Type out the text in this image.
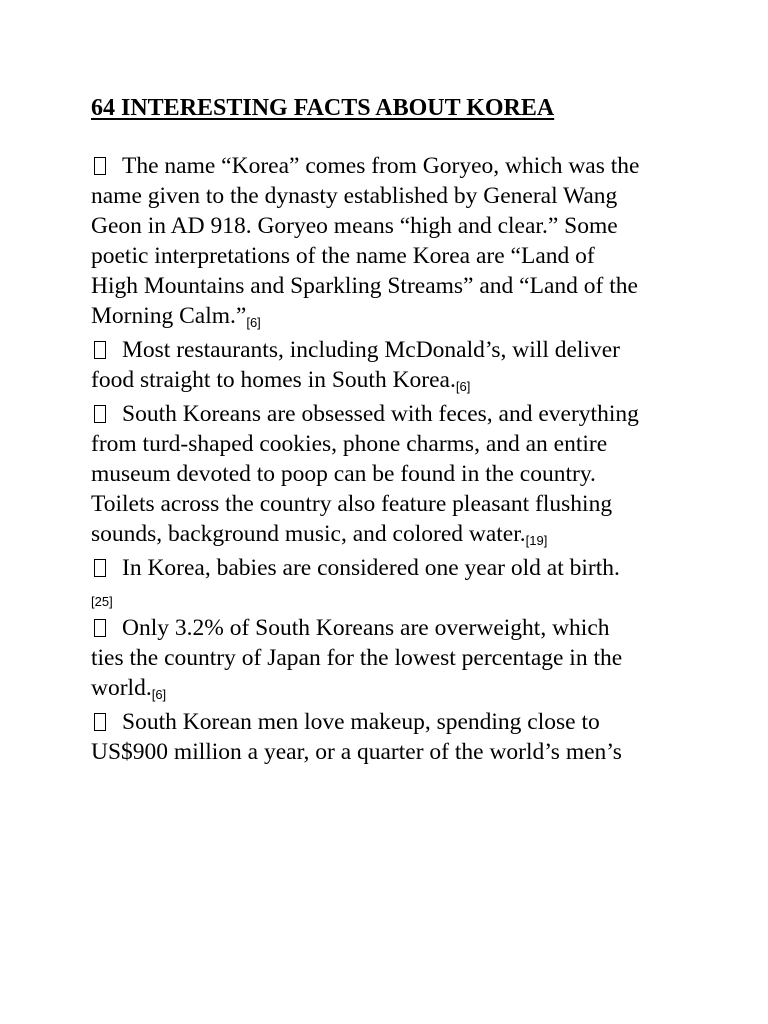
64 INTERESTING FACTS ABOUT KOREA
The name “Korea” comes from Goryeo, which was the
name given to the dynasty established by General Wang
Geon in AD 918. Goryeo means “high and clear.” Some
poetic interpretations of the name Korea are “Land of
High Mountains and Sparkling Streams” and “Land of the
Morning Calm.”[6]
Most restaurants, including McDonald’s, will deliver
food straight to homes in South Korea.[6]
South Koreans are obsessed with feces, and everything
from turd-shaped cookies, phone charms, and an entire
museum devoted to poop can be found in the country.
Toilets across the country also feature pleasant flushing
sounds, background music, and colored water.[19]
In Korea, babies are considered one year old at birth.
[25]
Only 3.2% of South Koreans are overweight, which
ties the country of Japan for the lowest percentage in the
world.[6]
South Korean men love makeup, spending close to
US$900 million a year, or a quarter of the world’s men’s
